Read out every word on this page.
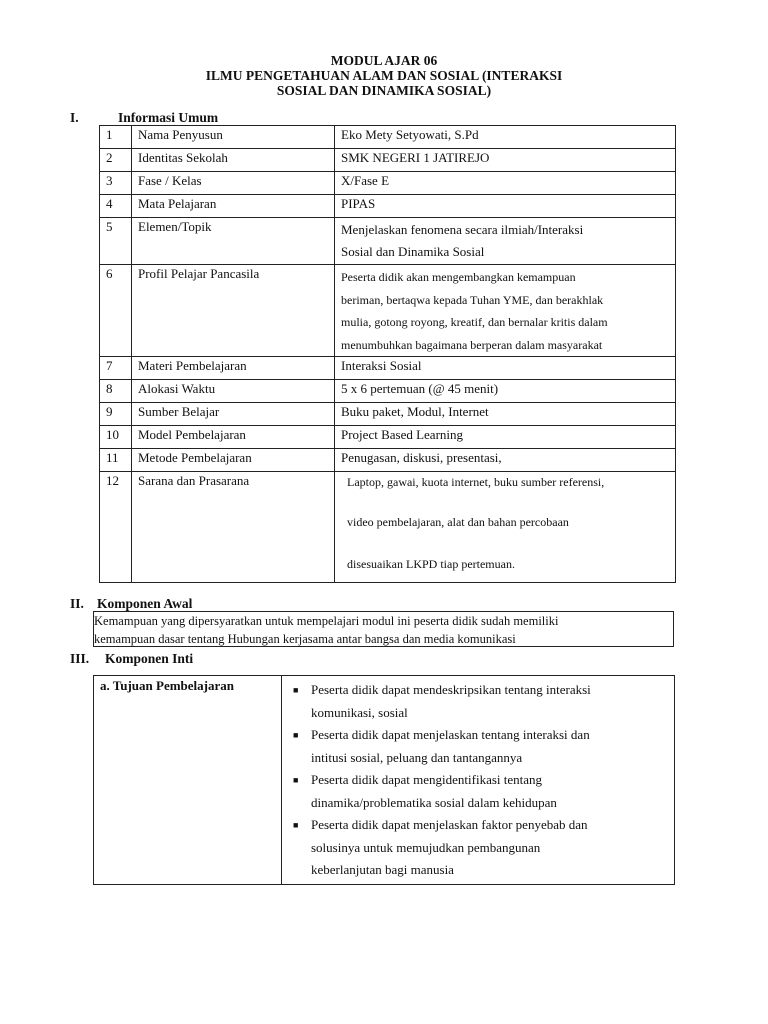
MODUL AJAR 06
ILMU PENGETAHUAN ALAM DAN SOSIAL (INTERAKSI
SOSIAL DAN DINAMIKA SOSIAL)
I.	Informasi Umum
1	Nama Penyusun	Eko Mety Setyowati, S.Pd
2	Identitas Sekolah	SMK NEGERI 1 JATIREJO
3	Fase / Kelas	X/Fase E
4	Mata Pelajaran	PIPAS
5	Elemen/Topik	Menjelaskan fenomena secara ilmiah/Interaksi
Sosial dan Dinamika Sosial

6	Profil Pelajar Pancasila	Peserta didik akan mengembangkan kemampuan
beriman, bertaqwa kepada Tuhan YME, dan berakhlak
mulia, gotong royong, kreatif, dan bernalar kritis dalam
menumbuhkan bagaimana berperan dalam masyarakat

7	Materi Pembelajaran	Interaksi Sosial
8	Alokasi Waktu	5 x 6 pertemuan (@ 45 menit)
9	Sumber Belajar	Buku paket, Modul, Internet
10	Model Pembelajaran	Project Based Learning
11	Metode Pembelajaran	Penugasan, diskusi, presentasi,
12	Sarana dan Prasarana	Laptop, gawai, kuota internet, buku sumber referensi,
video pembelajaran, alat dan bahan percobaan
disesuaikan LKPD tiap pertemuan.
II. Komponen Awal
Kemampuan yang dipersyaratkan untuk mempelajari modul ini peserta didik sudah memiliki
kemampuan dasar tentang Hubungan kerjasama antar bangsa dan media komunikasi
III. Komponen Inti
a. Tujuan Pembelajaran	■ Peserta didik dapat mendeskripsikan tentang interaksi
komunikasi, sosial
■ Peserta didik dapat menjelaskan tentang interaksi dan
intitusi sosial, peluang dan tantangannya
■ Peserta didik dapat mengidentifikasi tentang
dinamika/problematika sosial dalam kehidupan
■ Peserta didik dapat menjelaskan faktor penyebab dan
solusinya untuk memujudkan pembangunan
keberlanjutan bagi manusia
